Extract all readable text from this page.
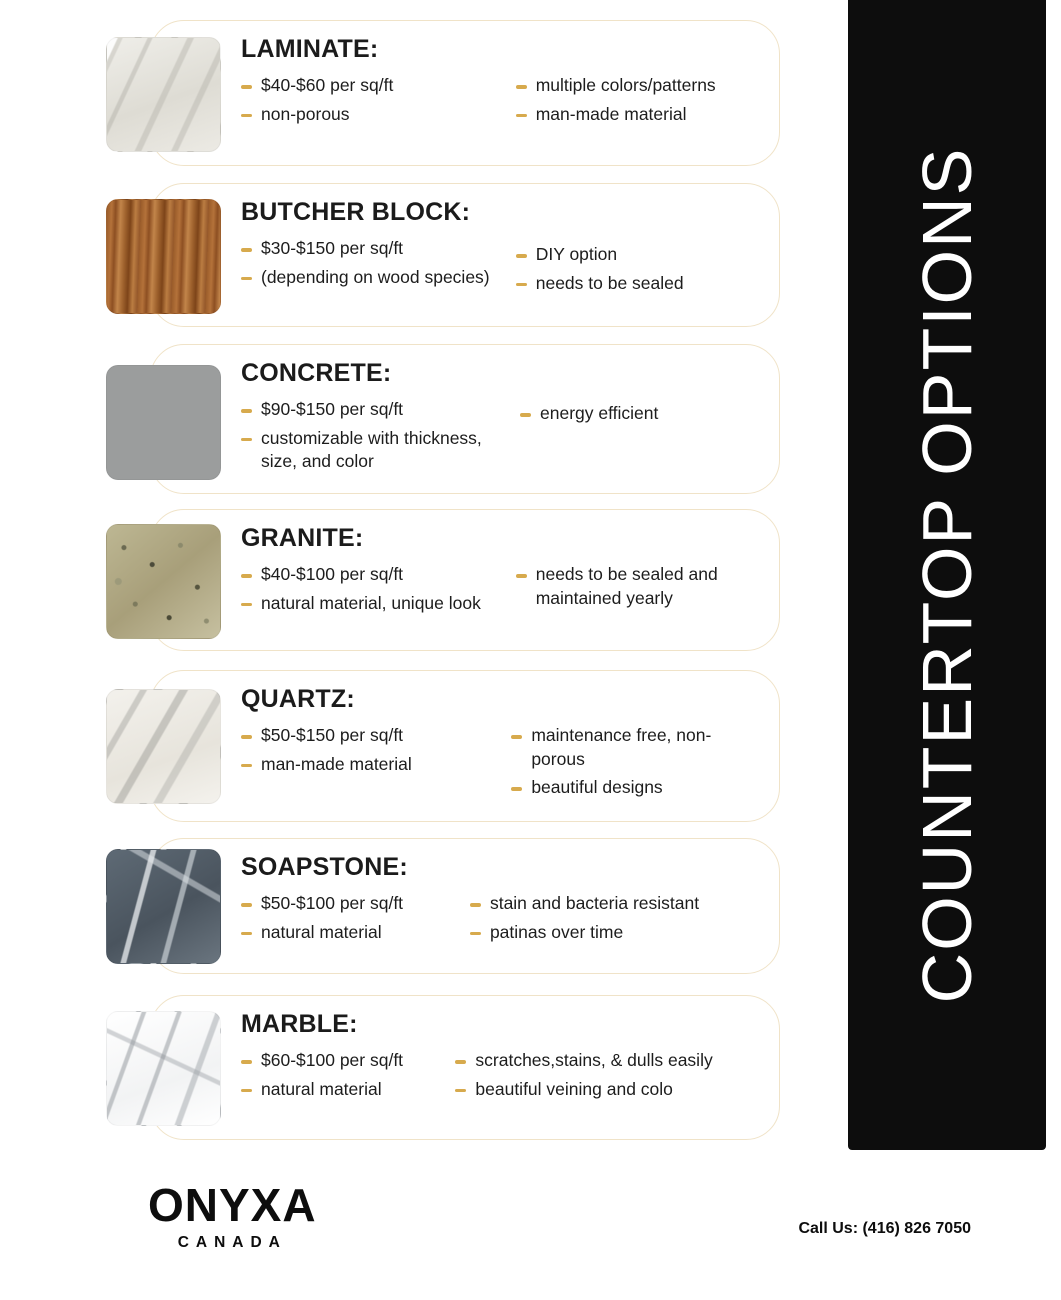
COUNTERTOP OPTIONS
LAMINATE:
$40-$60 per sq/ft
non-porous
multiple colors/patterns
man-made material
BUTCHER BLOCK:
$30-$150 per sq/ft
(depending on wood species)
DIY option
needs to be sealed
CONCRETE:
$90-$150 per sq/ft
customizable with thickness, size, and color
energy efficient
GRANITE:
$40-$100 per sq/ft
natural material, unique look
needs to be sealed and maintained yearly
QUARTZ:
$50-$150 per sq/ft
man-made material
maintenance free, non-porous
beautiful designs
SOAPSTONE:
$50-$100 per sq/ft
natural material
stain and bacteria resistant
patinas over time
MARBLE:
$60-$100 per sq/ft
natural material
scratches,stains, & dulls easily
beautiful veining and colo
ONYXA
CANADA
Call Us: (416) 826 7050
